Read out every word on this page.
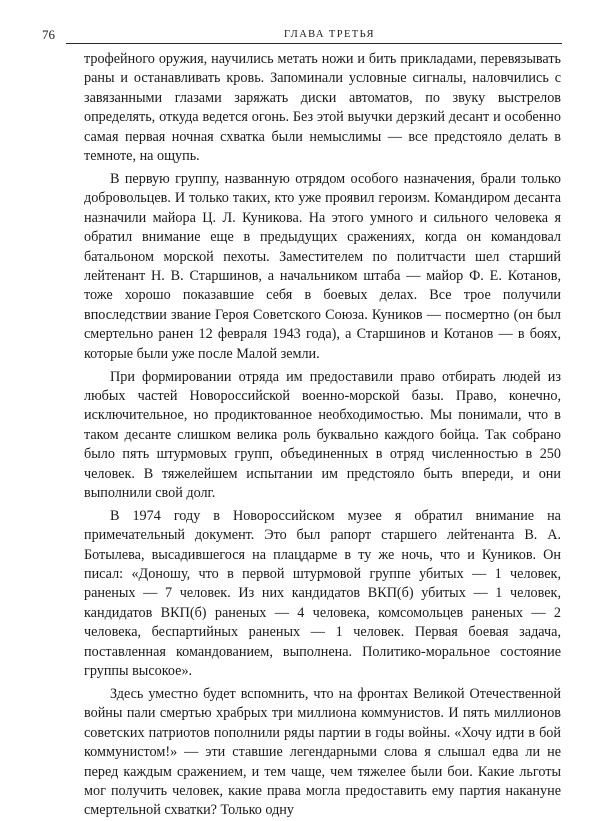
76	ГЛАВА ТРЕТЬЯ

трофейного оружия, научились метать ножи и бить прикладами, перевязывать раны и останавливать кровь. Запоминали условные сигналы, наловчились с завязанными глазами заряжать диски автоматов, по звуку выстрелов определять, откуда ведется огонь. Без этой выучки дерзкий десант и особенно самая первая ночная схватка были немыслимы — все предстояло делать в темноте, на ощупь.

В первую группу, названную отрядом особого назначения, брали только добровольцев. И только таких, кто уже проявил героизм. Командиром десанта назначили майора Ц. Л. Куникова. На этого умного и сильного человека я обратил внимание еще в предыдущих сражениях, когда он командовал батальоном морской пехоты. Заместителем по политчасти шел старший лейтенант Н. В. Старшинов, а начальником штаба — майор Ф. Е. Котанов, тоже хорошо показавшие себя в боевых делах. Все трое получили впоследствии звание Героя Советского Союза. Куников — посмертно (он был смертельно ранен 12 февраля 1943 года), а Старшинов и Котанов — в боях, которые были уже после Малой земли.

При формировании отряда им предоставили право отбирать людей из любых частей Новороссийской военно-морской базы. Право, конечно, исключительное, но продиктованное необходимостью. Мы понимали, что в таком десанте слишком велика роль буквально каждого бойца. Так собрано было пять штурмовых групп, объединенных в отряд численностью в 250 человек. В тяжелейшем испытании им предстояло быть впереди, и они выполнили свой долг.

В 1974 году в Новороссийском музее я обратил внимание на примечательный документ. Это был рапорт старшего лейтенанта В. А. Ботылева, высадившегося на плацдарме в ту же ночь, что и Куников. Он писал: «Доношу, что в первой штурмовой группе убитых — 1 человек, раненых — 7 человек. Из них кандидатов ВКП(б) убитых — 1 человек, кандидатов ВКП(б) раненых — 4 человека, комсомольцев раненых — 2 человека, беспартийных раненых — 1 человек. Первая боевая задача, поставленная командованием, выполнена. Политико-моральное состояние группы высокое».

Здесь уместно будет вспомнить, что на фронтах Великой Отечественной войны пали смертью храбрых три миллиона коммунистов. И пять миллионов советских патриотов пополнили ряды партии в годы войны. «Хочу идти в бой коммунистом!» — эти ставшие легендарными слова я слышал едва ли не перед каждым сражением, и тем чаще, чем тяжелее были бои. Какие льготы мог получить человек, какие права могла предоставить ему партия накануне смертельной схватки? Только одну
